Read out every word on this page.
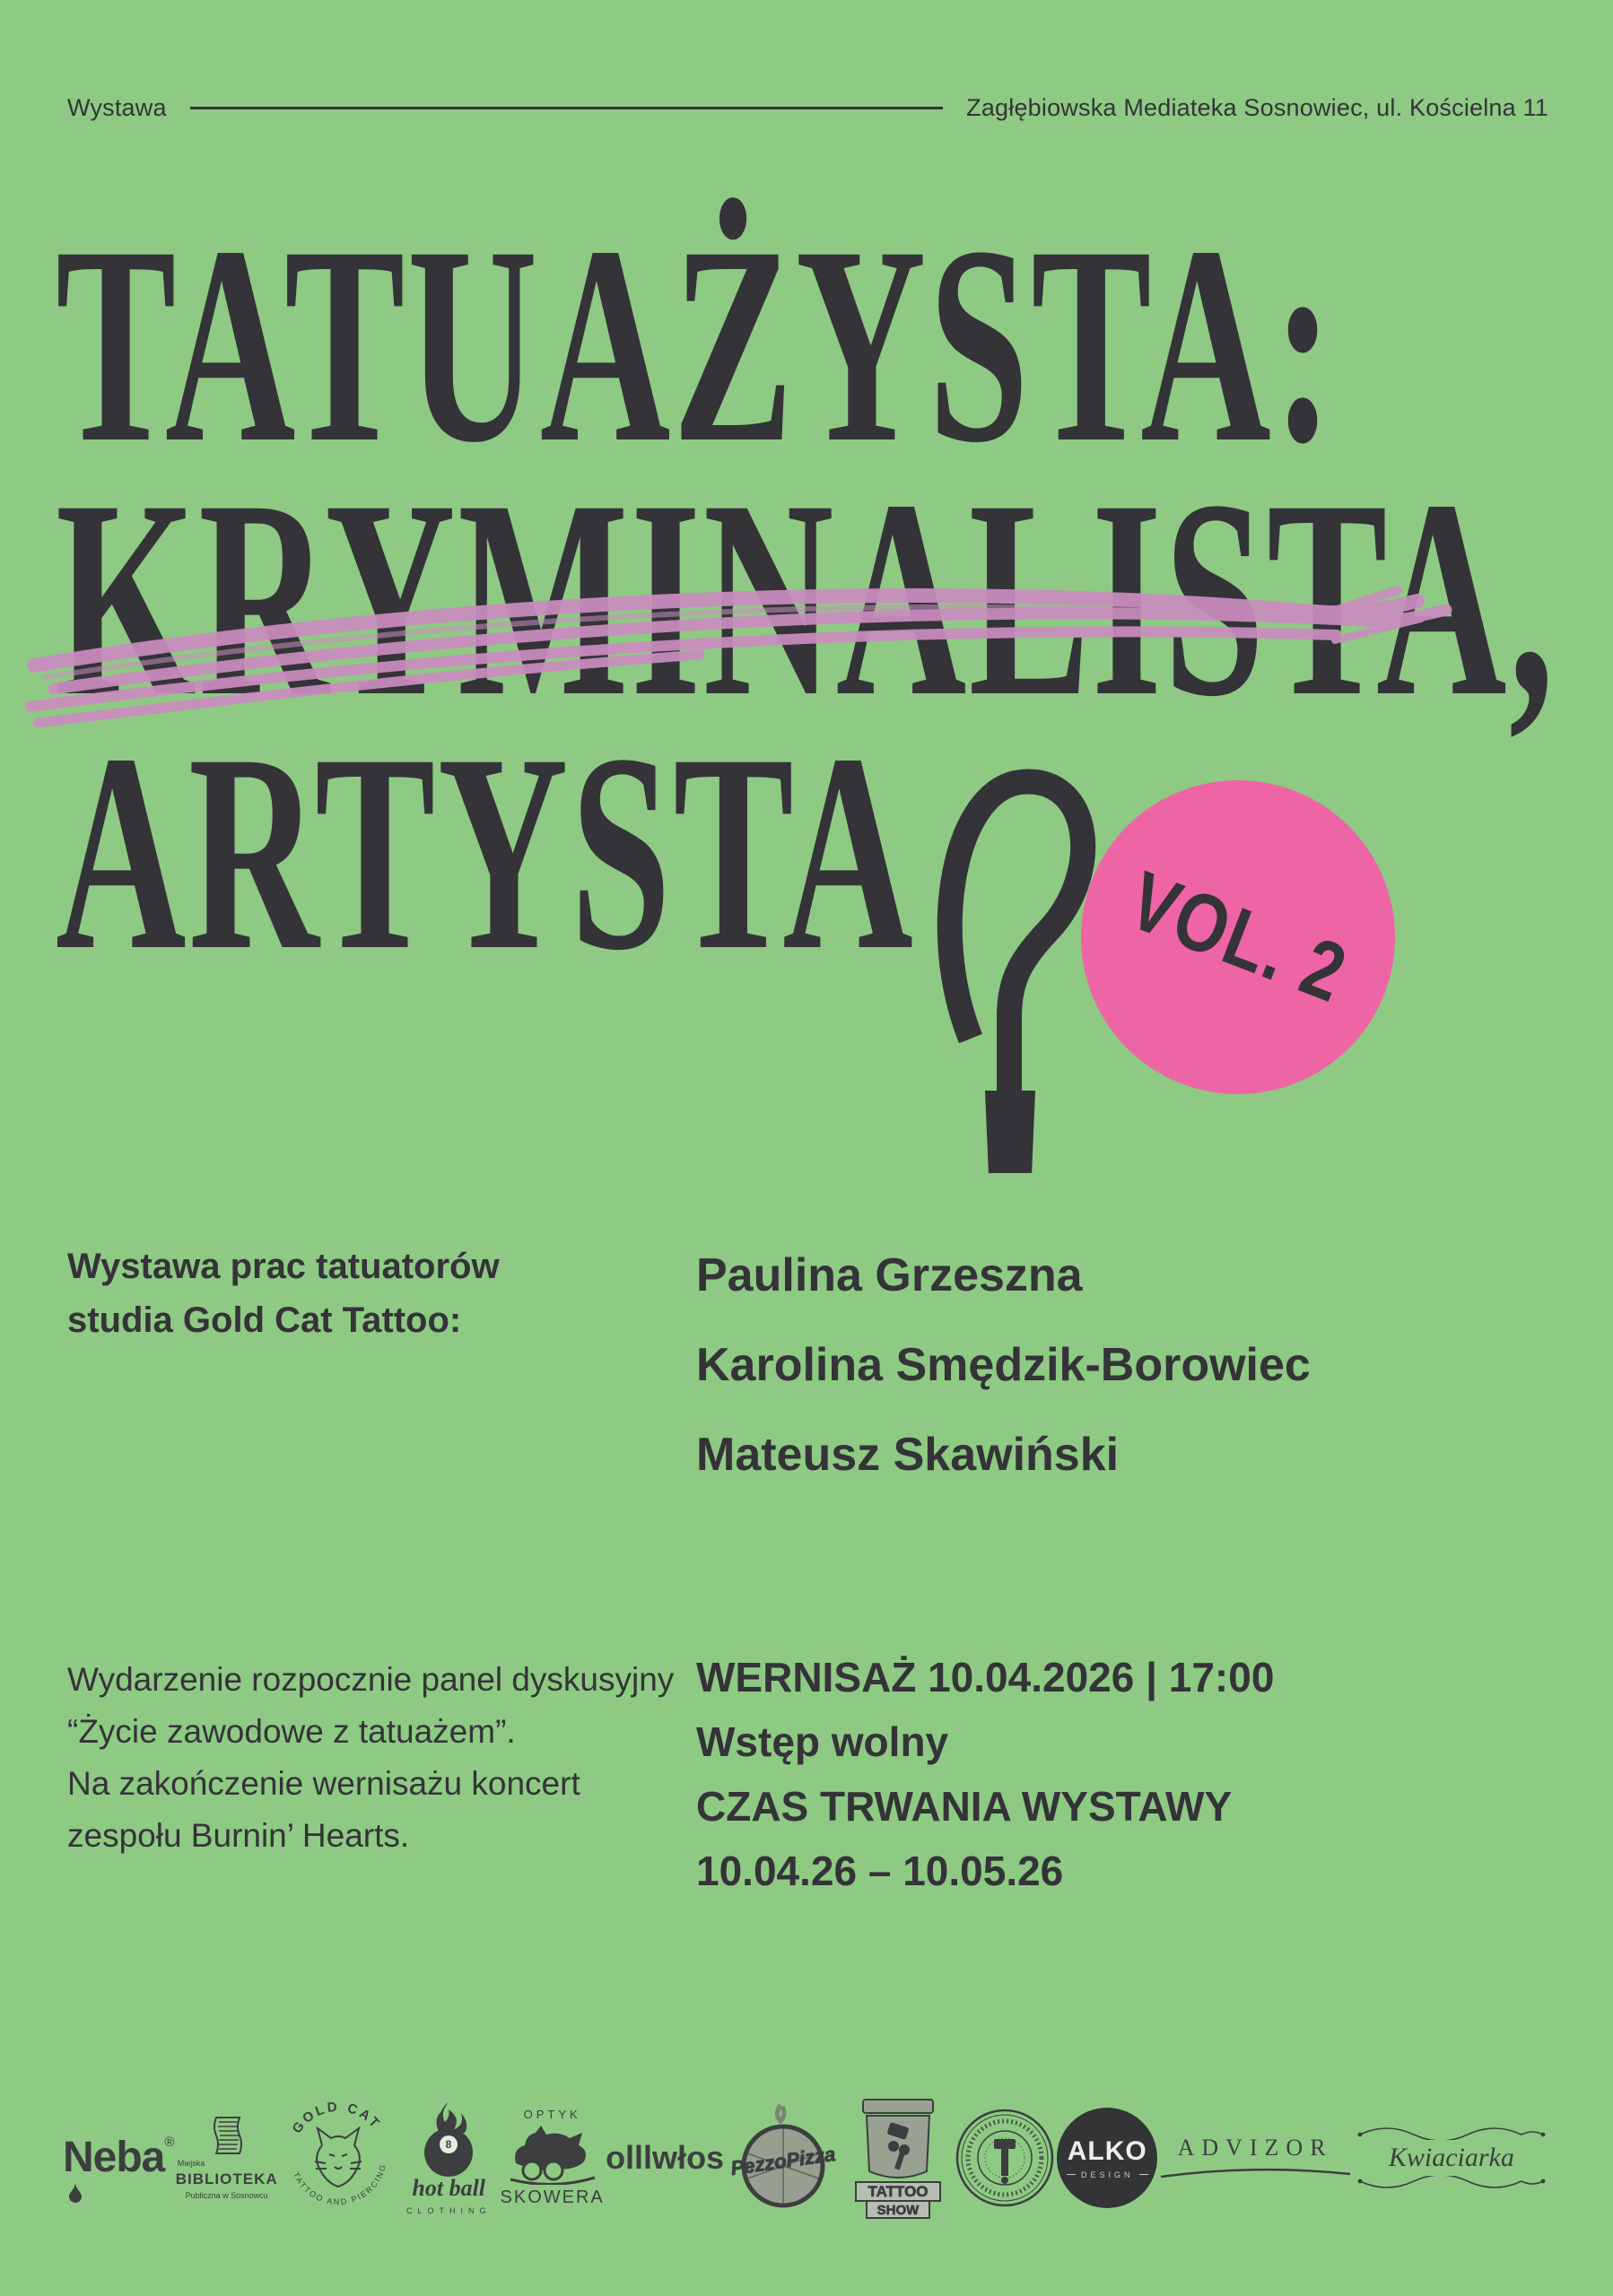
Wystawa	Zagłębiowska Mediateka Sosnowiec, ul. Kościelna 11
TATUAŻYSTA:
KRYMINALISTA,
ARTYSTA VOL. 2
Wystawa prac tatuatorów
studia Gold Cat Tattoo:
Paulina Grzeszna
Karolina Smędzik-Borowiec
Mateusz Skawiński
Wydarzenie rozpocznie panel dyskusyjny
“Życie zawodowe z tatuażem”.
Na zakończenie wernisażu koncert
zespołu Burnin’ Hearts.
WERNISAŻ 10.04.2026 | 17:00
Wstęp wolny
CZAS TRWANIA WYSTAWY
10.04.26 – 10.05.26
Neba®
Miejska
BIBLIOTEKA
Publiczna w Sosnowcu
GOLD CAT
TATTOO AND PIERCING
8
hot ball
CLOTHING
OPTYK
SKOWERA
olllwłos PezzoPizza
TATTOO
SHOW
ALKO
DESIGN
ADVIZOR Kwiaciarka
